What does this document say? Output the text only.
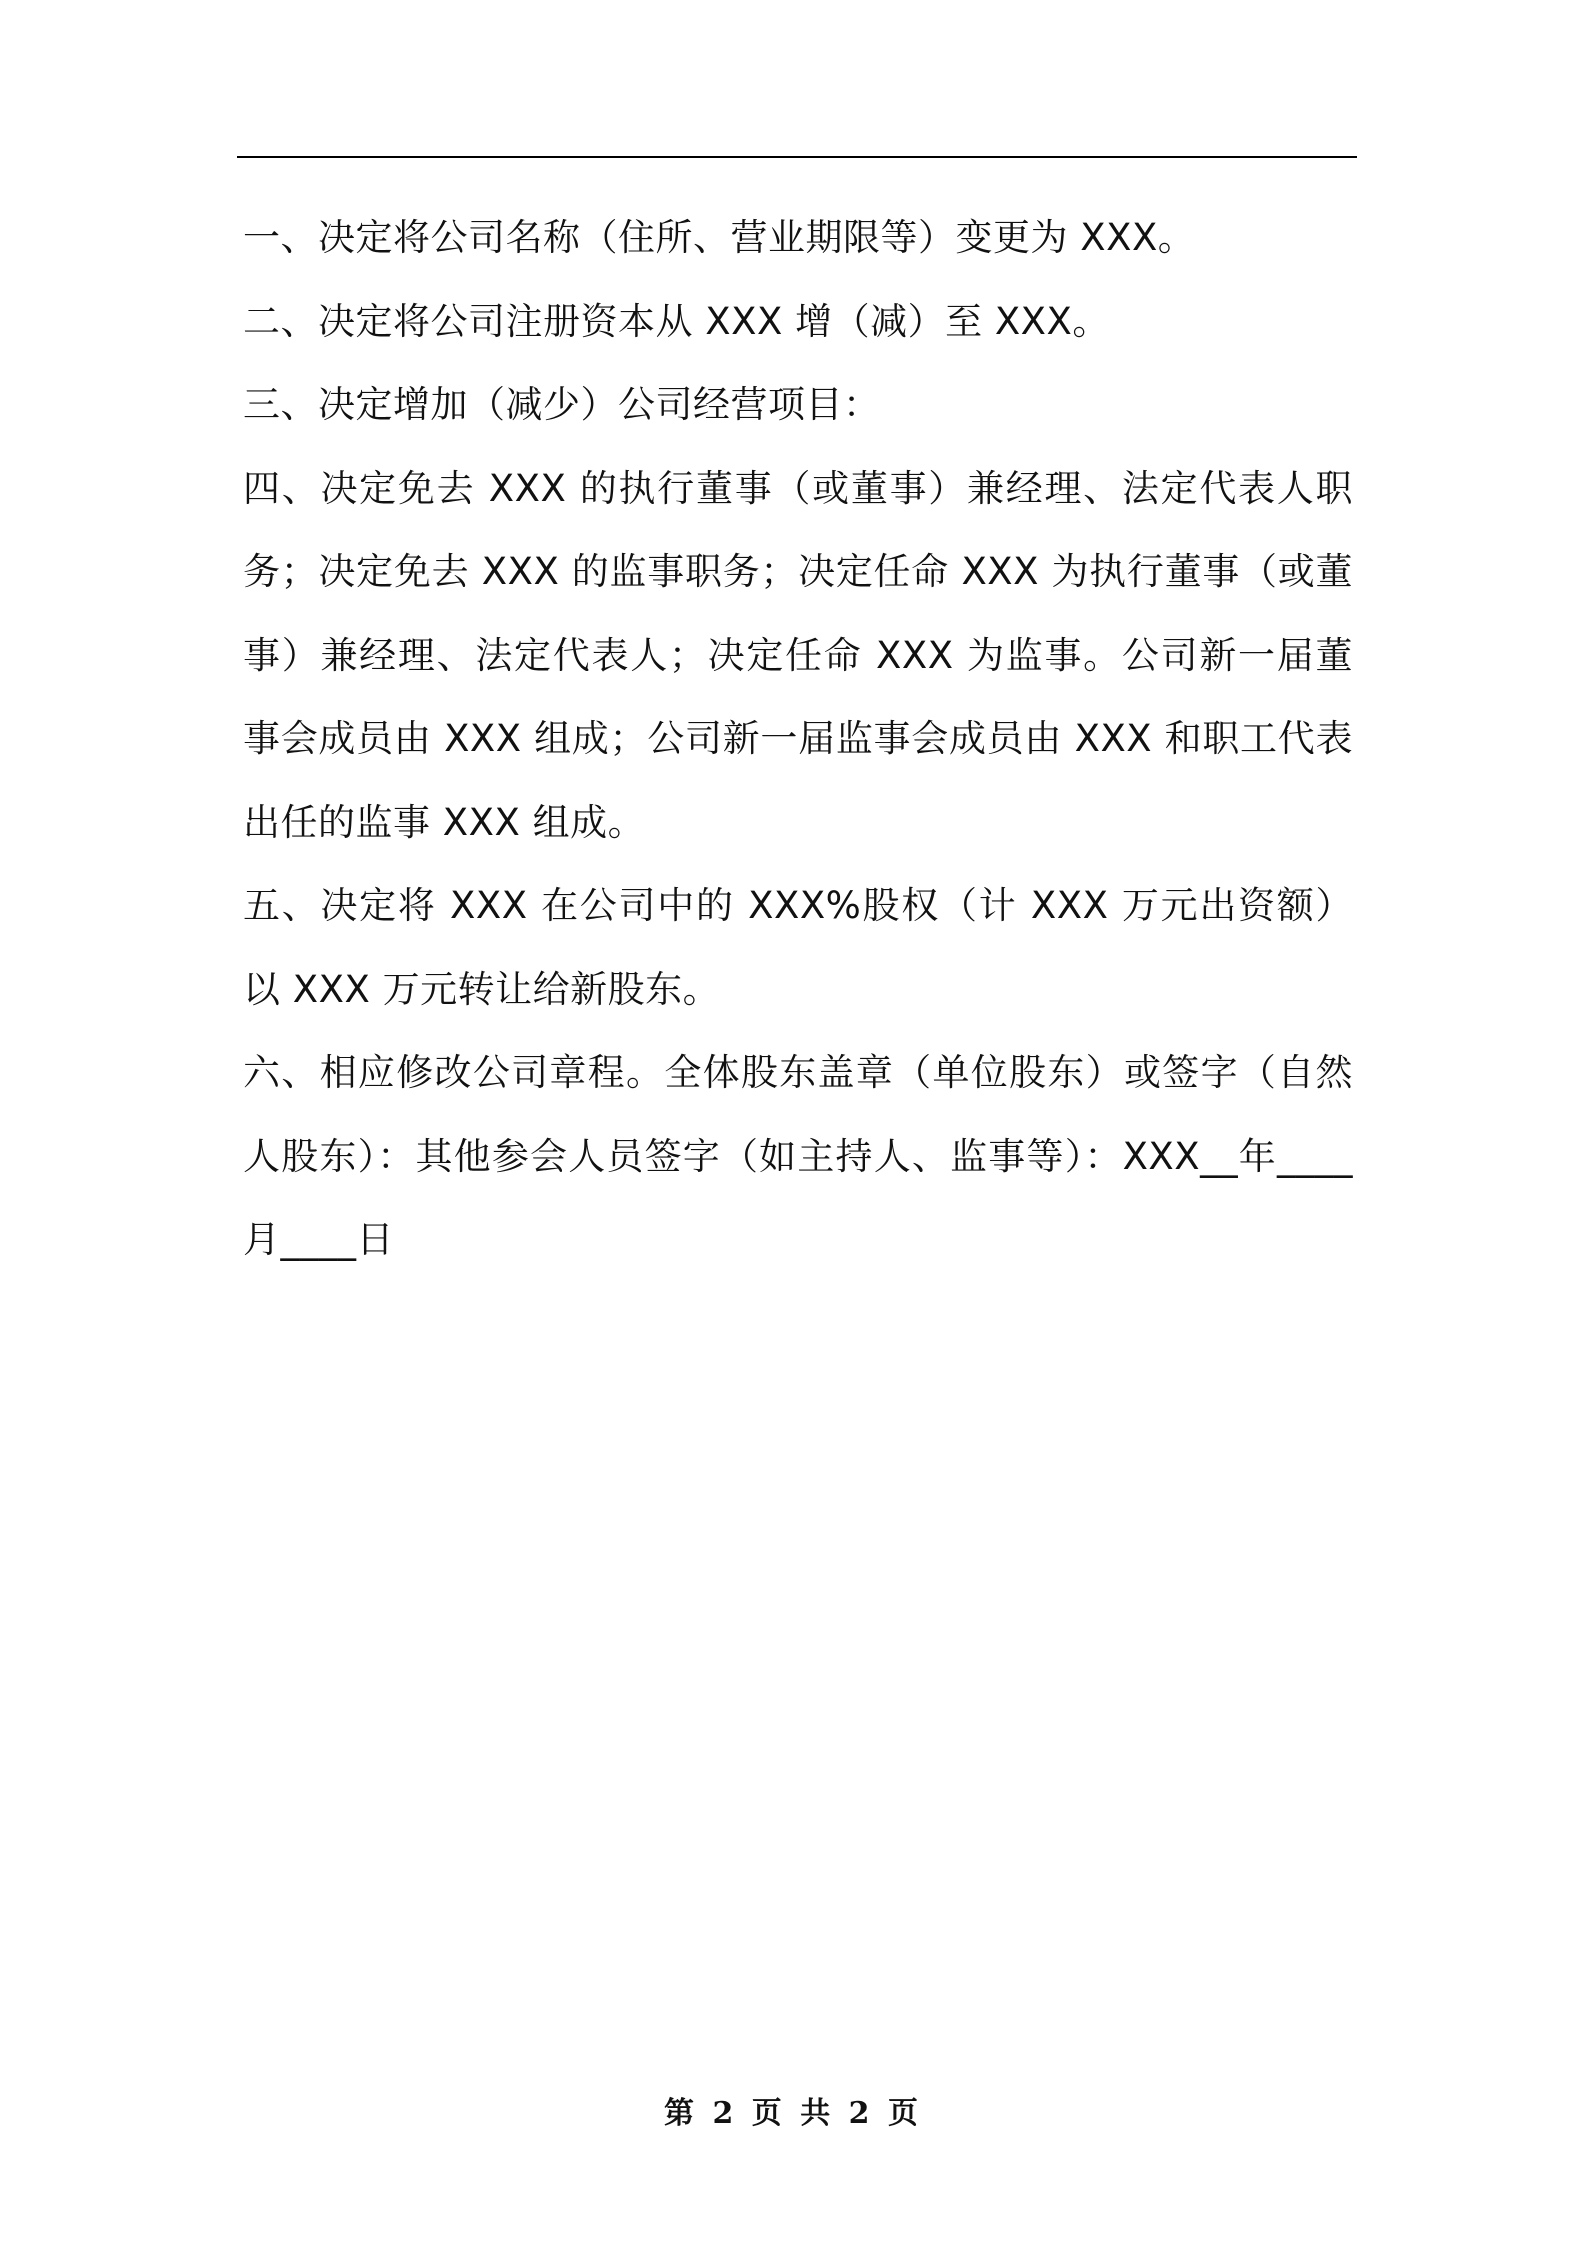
一、决定将公司名称（住所、营业期限等）变更为 XXX。

二、决定将公司注册资本从 XXX 增（减）至 XXX。

三、决定增加（减少）公司经营项目：

四、决定免去 XXX 的执行董事（或董事）兼经理、法定代表人职务；决定免去 XXX 的监事职务；决定任命 XXX 为执行董事（或董事）兼经理、法定代表人；决定任命 XXX 为监事。公司新一届董事会成员由 XXX 组成；公司新一届监事会成员由 XXX 和职工代表出任的监事 XXX 组成。

五、决定将 XXX 在公司中的 XXX%股权（计 XXX 万元出资额）以 XXX 万元转让给新股东。

六、相应修改公司章程。全体股东盖章（单位股东）或签字（自然人股东）：其他参会人员签字（如主持人、监事等）：XXX__年____月____日

第 2 页 共 2 页
